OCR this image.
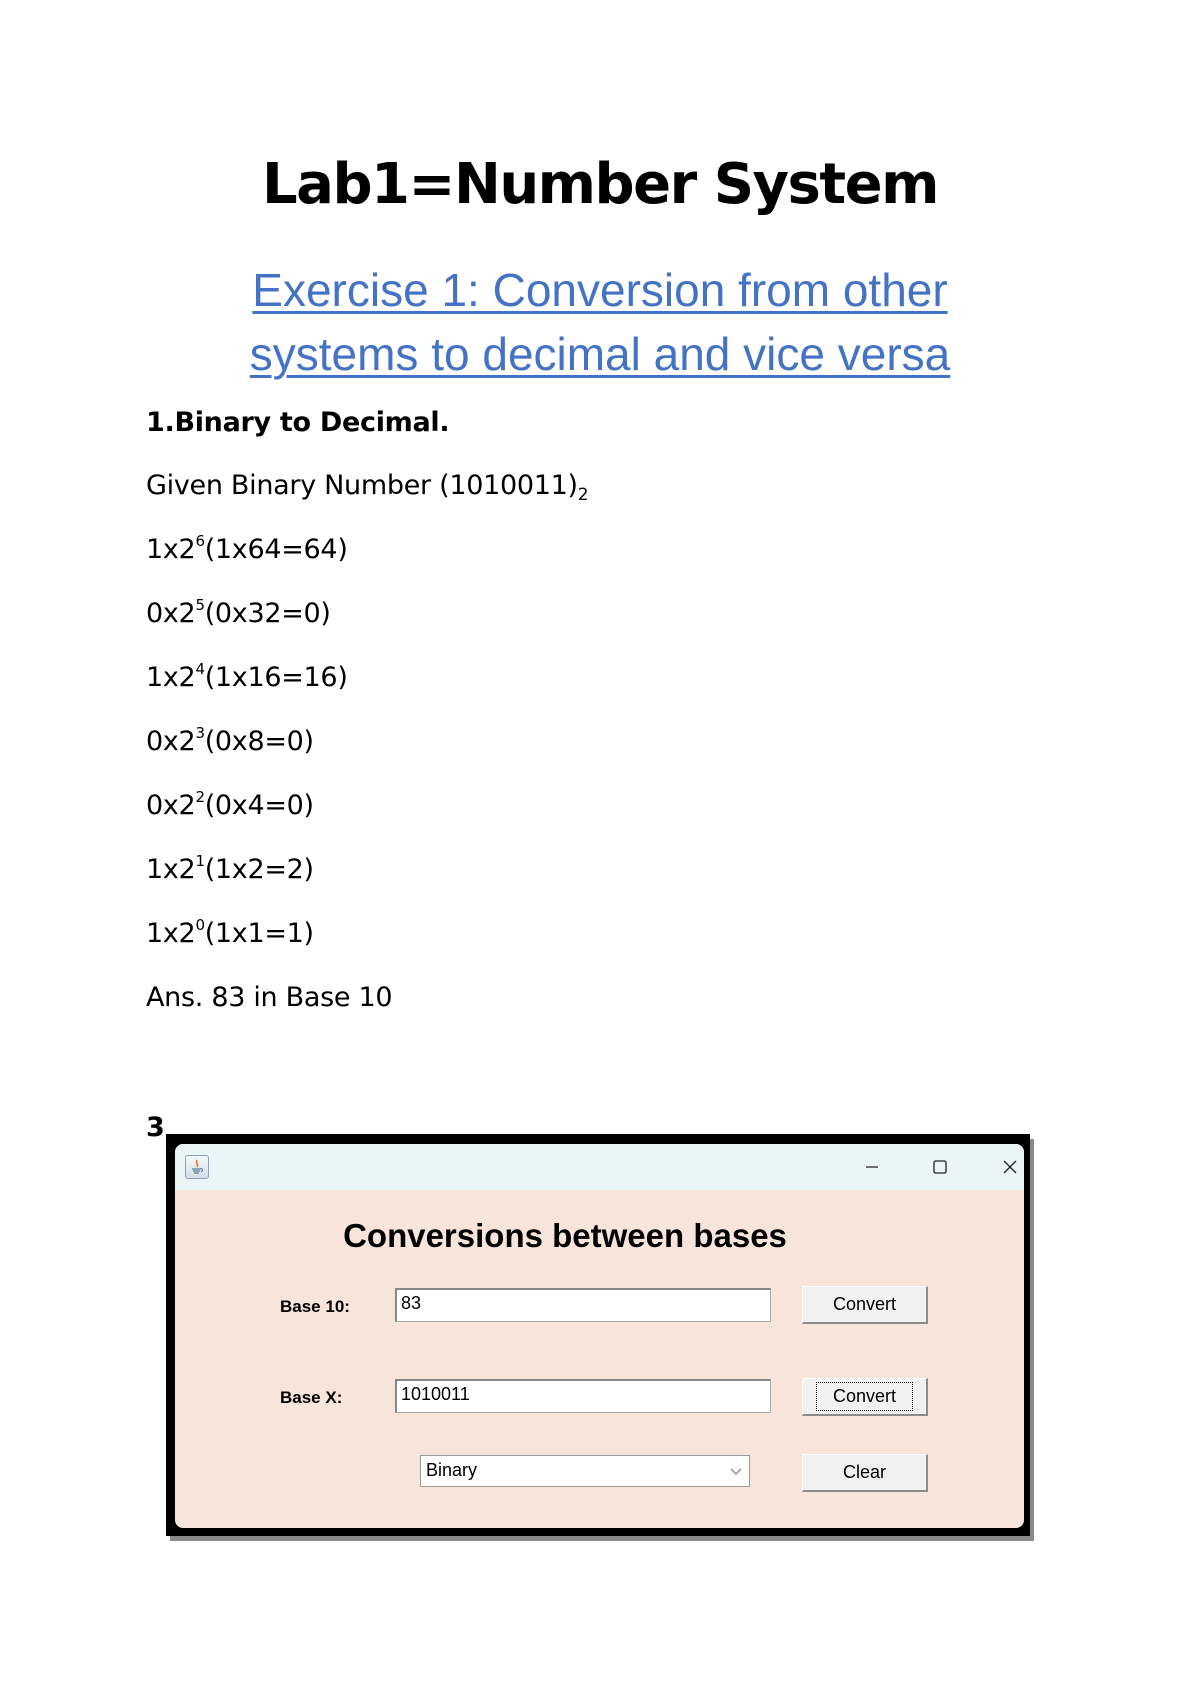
Lab1=Number System
Exercise 1: Conversion from other
systems to decimal and vice versa
1.Binary to Decimal.
Given Binary Number $(1010011)_2$
$1x2^6(1x64=64)$
$0x2^5(0x32=0)$
$1x2^4(1x16=16)$
$0x2^3(0x8=0)$
$0x2^2(0x4=0)$
$1x2^1(1x2=2)$
$1x2^0(1x1=1)$
Ans. 83 in Base 10
3
Conversions between bases
Base 10:	83	Convert
Base X:	1010011	Convert
Binary	Clear
